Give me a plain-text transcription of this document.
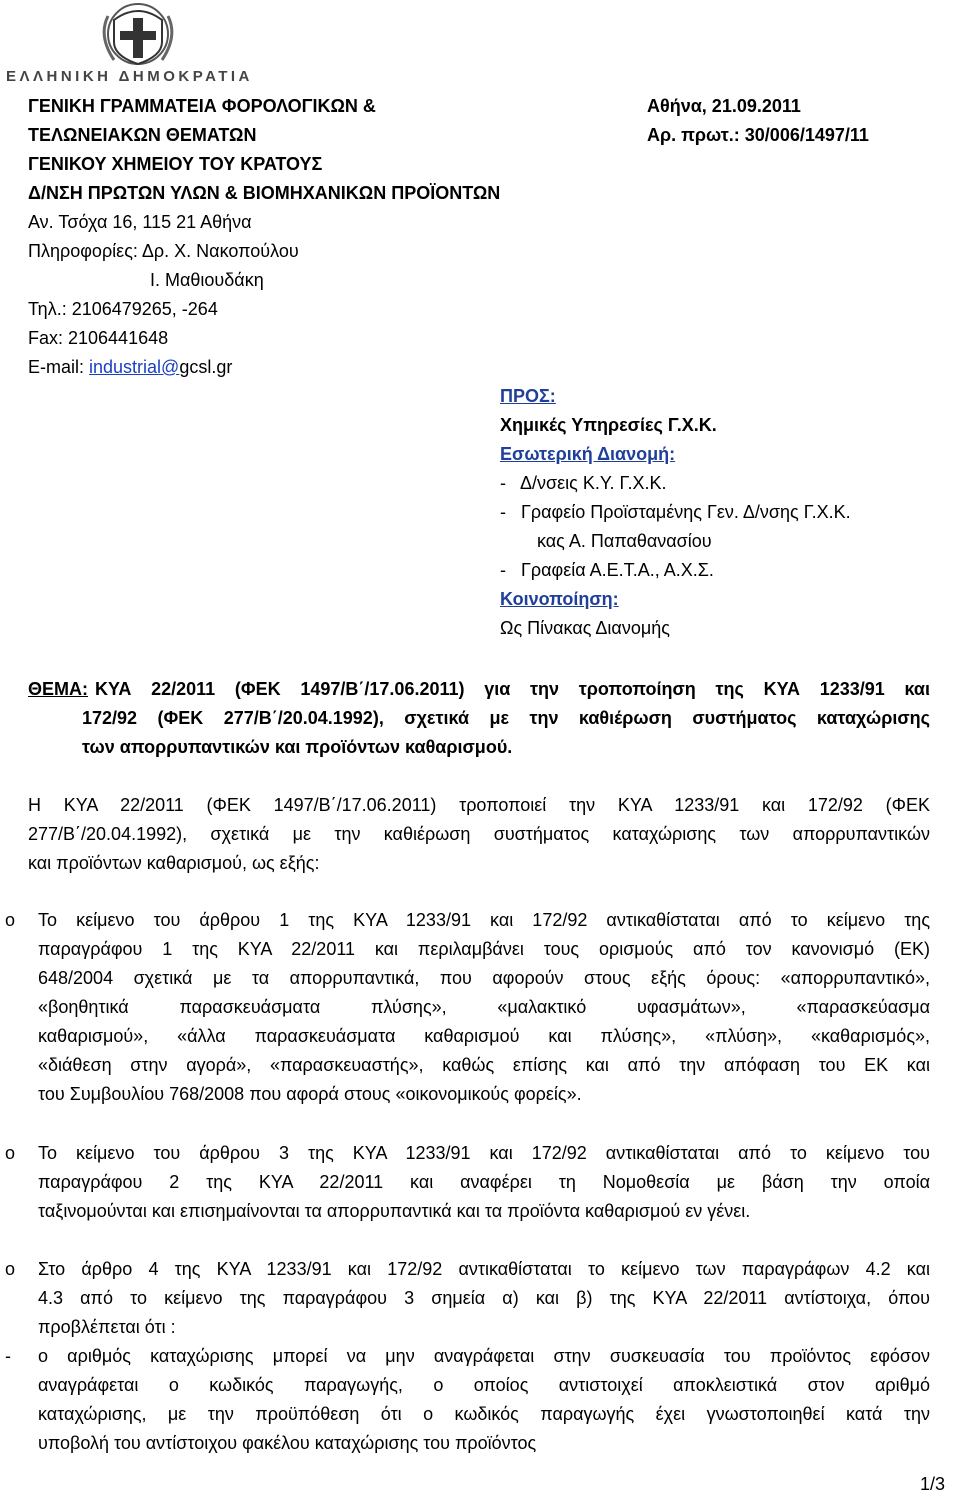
ΕΛΛΗΝΙΚΗ ΔΗΜΟΚΡΑΤΙΑ
ΓΕΝΙΚΗ ΓΡΑΜΜΑΤΕΙΑ ΦΟΡΟΛΟΓΙΚΩΝ &
ΤΕΛΩΝΕΙΑΚΩΝ ΘΕΜΑΤΩΝ
ΓΕΝΙΚΟΥ ΧΗΜΕΙΟΥ ΤΟΥ ΚΡΑΤΟΥΣ
Δ/ΝΣΗ ΠΡΩΤΩΝ ΥΛΩΝ & ΒΙΟΜΗΧΑΝΙΚΩΝ ΠΡΟΪΟΝΤΩΝ
Αν. Τσόχα 16, 115 21 Αθήνα
Πληροφορίες: Δρ. Χ. Νακοπούλου
Ι. Μαθιουδάκη
Τηλ.: 2106479265, -264
Fax: 2106441648
E-mail: industrial@gcsl.gr
Αθήνα, 21.09.2011
Αρ. πρωτ.: 30/006/1497/11
ΠΡΟΣ:
Χημικές Υπηρεσίες Γ.Χ.Κ.
Εσωτερική Διανομή:
-   Δ/νσεις Κ.Υ. Γ.Χ.Κ.
-   Γραφείο Προϊσταμένης Γεν. Δ/νσης Γ.Χ.Κ.
κας Α. Παπαθανασίου
-   Γραφεία Α.Ε.Τ.Α., Α.Χ.Σ.
Κοινοποίηση:
Ως Πίνακας Διανομής
ΘΕΜΑ: ΚΥΑ 22/2011 (ΦΕΚ 1497/Β΄/17.06.2011) για την τροποποίηση της ΚΥΑ 1233/91 και
172/92 (ΦΕΚ 277/Β΄/20.04.1992), σχετικά με την καθιέρωση συστήματος καταχώρισης
των απορρυπαντικών και προϊόντων καθαρισμού.
Η ΚΥΑ 22/2011 (ΦΕΚ 1497/Β΄/17.06.2011) τροποποιεί την ΚΥΑ 1233/91 και 172/92 (ΦΕΚ
277/Β΄/20.04.1992), σχετικά με την καθιέρωση συστήματος καταχώρισης των απορρυπαντικών
και προϊόντων καθαρισμού, ως εξής:
o Το κείμενο του άρθρου 1 της ΚΥΑ 1233/91 και 172/92 αντικαθίσταται από το κείμενο της
παραγράφου 1 της ΚΥΑ 22/2011 και περιλαμβάνει τους ορισμούς από τον κανονισμό (ΕΚ)
648/2004 σχετικά με τα απορρυπαντικά, που αφορούν στους εξής όρους: «απορρυπαντικό»,
«βοηθητικά παρασκευάσματα πλύσης», «μαλακτικό υφασμάτων», «παρασκεύασμα
καθαρισμού», «άλλα παρασκευάσματα καθαρισμού και πλύσης», «πλύση», «καθαρισμός»,
«διάθεση στην αγορά», «παρασκευαστής», καθώς επίσης και από την απόφαση του ΕΚ και
του Συμβουλίου 768/2008 που αφορά στους «οικονομικούς φορείς».
o Το κείμενο του άρθρου 3 της ΚΥΑ 1233/91 και 172/92 αντικαθίσταται από το κείμενο του
παραγράφου 2 της ΚΥΑ 22/2011 και αναφέρει τη Νομοθεσία με βάση την οποία
ταξινομούνται και επισημαίνονται τα απορρυπαντικά και τα προϊόντα καθαρισμού εν γένει.
o Στο άρθρο 4 της ΚΥΑ 1233/91 και 172/92 αντικαθίσταται το κείμενο των παραγράφων 4.2 και
4.3 από το κείμενο της παραγράφου 3 σημεία α) και β) της ΚΥΑ 22/2011 αντίστοιχα, όπου
προβλέπεται ότι :
- ο αριθμός καταχώρισης μπορεί να μην αναγράφεται στην συσκευασία του προϊόντος εφόσον
αναγράφεται ο κωδικός παραγωγής, ο οποίος αντιστοιχεί αποκλειστικά στον αριθμό
καταχώρισης, με την προϋπόθεση ότι ο κωδικός παραγωγής έχει γνωστοποιηθεί κατά την
υποβολή του αντίστοιχου φακέλου καταχώρισης του προϊόντος
1/3
